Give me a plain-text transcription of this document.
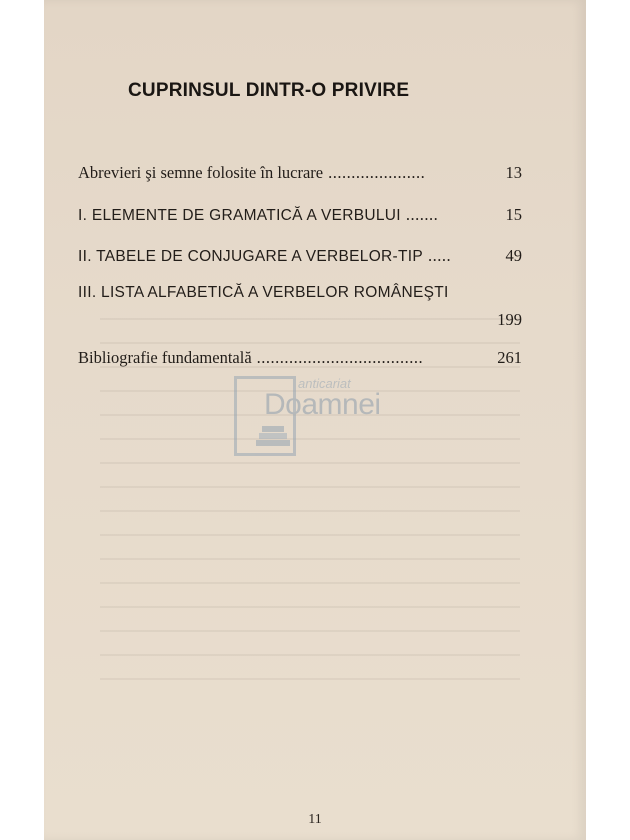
CUPRINSUL DINTR-O PRIVIRE
Abrevieri şi semne folosite în lucrare .....................	13
I. ELEMENTE DE GRAMATICĂ A VERBULUI .......	15
II. TABELE DE CONJUGARE A VERBELOR-TIP .....	49
III. LISTA ALFABETICĂ A VERBELOR ROMÂNEŞTI
199
Bibliografie fundamentală ....................................	261
anticariat
Doamnei
11
